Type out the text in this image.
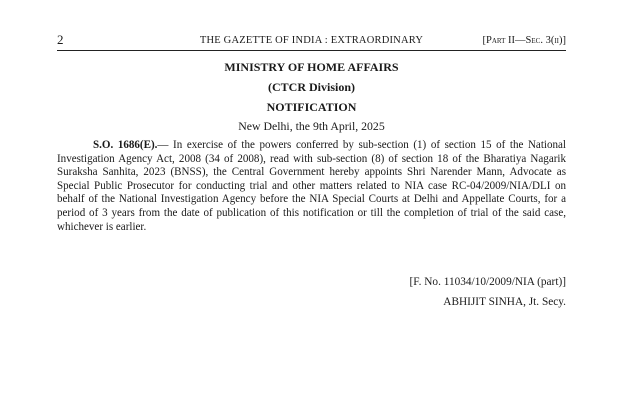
2	THE GAZETTE OF INDIA : EXTRAORDINARY	[Part II—Sec. 3(ii)]
MINISTRY OF HOME AFFAIRS
(CTCR Division)
NOTIFICATION
New Delhi, the 9th April, 2025

S.O. 1686(E).— In exercise of the powers conferred by sub-section (1) of section 15 of the National Investigation Agency Act, 2008 (34 of 2008), read with sub-section (8) of section 18 of the Bharatiya Nagarik Suraksha Sanhita, 2023 (BNSS), the Central Government hereby appoints Shri Narender Mann, Advocate as Special Public Prosecutor for conducting trial and other matters related to NIA case RC-04/2009/NIA/DLI on behalf of the National Investigation Agency before the NIA Special Courts at Delhi and Appellate Courts, for a period of 3 years from the date of publication of this notification or till the completion of trial of the said case, whichever is earlier.

[F. No. 11034/10/2009/NIA (part)]
ABHIJIT SINHA, Jt. Secy.
